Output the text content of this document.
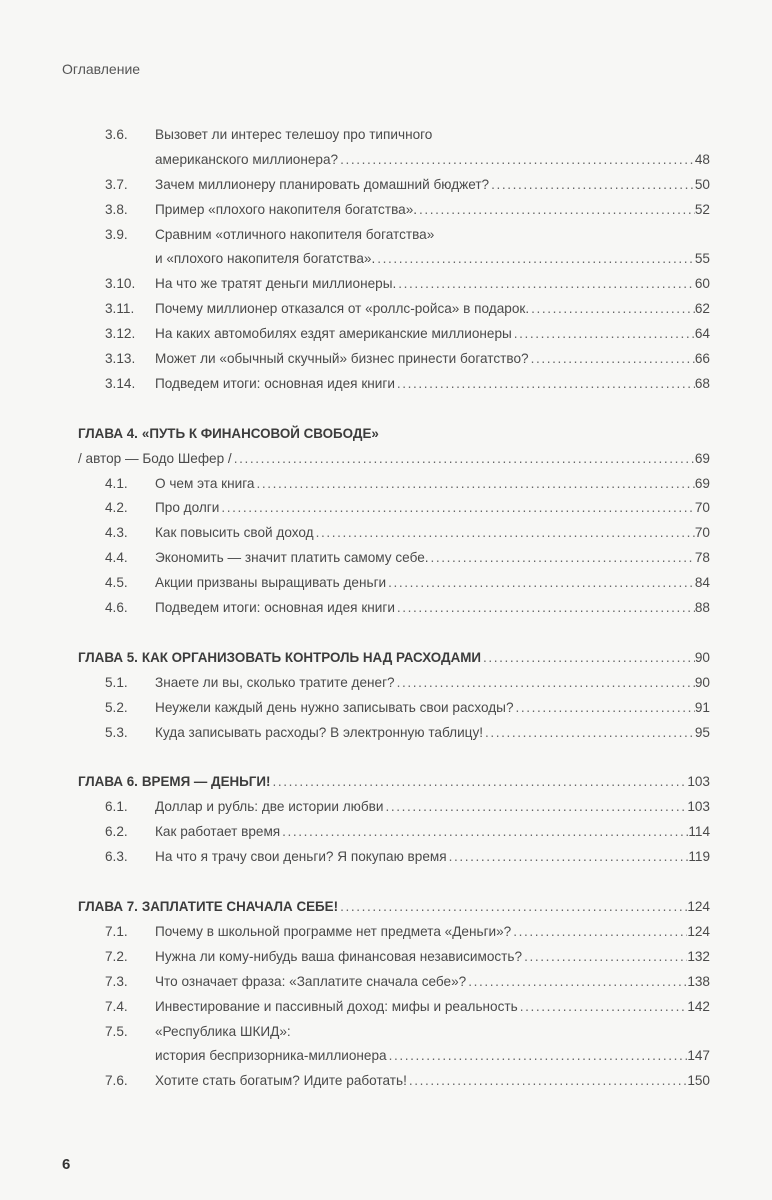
Оглавление
3.6.	Вызовет ли интерес телешоу про типичного
американского миллионера? .....	48
3.7.	Зачем миллионеру планировать домашний бюджет? .....	50
3.8.	Пример «плохого накопителя богатства». .....	52
3.9.	Сравним «отличного накопителя богатства»
и «плохого накопителя богатства». .....	55
3.10.	На что же тратят деньги миллионеры. .....	60
3.11.	Почему миллионер отказался от «роллс-ройса» в подарок. .....	62
3.12.	На каких автомобилях ездят американские миллионеры .....	64
3.13.	Может ли «обычный скучный» бизнес принести богатство? .....	66
3.14.	Подведем итоги: основная идея книги .....	68
ГЛАВА 4. «ПУТЬ К ФИНАНСОВОЙ СВОБОДЕ»
/ автор — Бодо Шефер / .....	69
4.1.	О чем эта книга .....	69
4.2.	Про долги .....	70
4.3.	Как повысить свой доход .....	70
4.4.	Экономить — значит платить самому себе. .....	78
4.5.	Акции призваны выращивать деньги .....	84
4.6.	Подведем итоги: основная идея книги .....	88
ГЛАВА 5. КАК ОРГАНИЗОВАТЬ КОНТРОЛЬ НАД РАСХОДАМИ .....	90
5.1.	Знаете ли вы, сколько тратите денег? .....	90
5.2.	Неужели каждый день нужно записывать свои расходы? .....	91
5.3.	Куда записывать расходы? В электронную таблицу! .....	95
ГЛАВА 6. ВРЕМЯ — ДЕНЬГИ! .....	103
6.1.	Доллар и рубль: две истории любви .....	103
6.2.	Как работает время .....	114
6.3.	На что я трачу свои деньги? Я покупаю время .....	119
ГЛАВА 7. ЗАПЛАТИТЕ СНАЧАЛА СЕБЕ! .....	124
7.1.	Почему в школьной программе нет предмета «Деньги»? .....	124
7.2.	Нужна ли кому-нибудь ваша финансовая независимость? .....	132
7.3.	Что означает фраза: «Заплатите сначала себе»? .....	138
7.4.	Инвестирование и пассивный доход: мифы и реальность .....	142
7.5.	«Республика ШКИД»:
история беспризорника-миллионера .....	147
7.6.	Хотите стать богатым? Идите работать! .....	150
6
